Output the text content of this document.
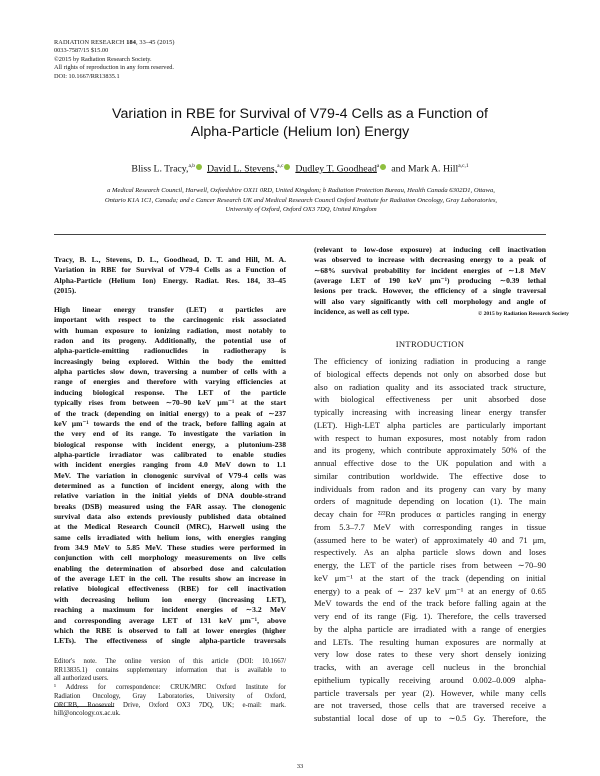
RADIATION RESEARCH 184, 33–45 (2015)
0033-7587/15 $15.00
©2015 by Radiation Research Society.
All rights of reproduction in any form reserved.
DOI: 10.1667/RR13835.1
Variation in RBE for Survival of V79-4 Cells as a Function of
Alpha-Particle (Helium Ion) Energy
Bliss L. Tracy,$^{a,b}$ David L. Stevens,$^{a,c}$ Dudley T. Goodhead$^a$ and Mark A. Hill$^{a,c,1}$
a Medical Research Council, Harwell, Oxfordshire OX11 0RD, United Kingdom; b Radiation Protection Bureau, Health Canada 6302D1, Ottawa,
Ontario K1A 1C1, Canada; and c Cancer Research UK and Medical Research Council Oxford Institute for Radiation Oncology, Gray Laboratories,
University of Oxford, Oxford OX3 7DQ, United Kingdom
Tracy, B. L., Stevens, D. L., Goodhead, D. T. and Hill, M. A.
Variation in RBE for Survival of V79-4 Cells as a Function of
Alpha-Particle (Helium Ion) Energy. Radiat. Res. 184, 33–45
(2015).
High linear energy transfer (LET) α particles are
important with respect to the carcinogenic risk associated
with human exposure to ionizing radiation, most notably to
radon and its progeny. Additionally, the potential use of
alpha-particle-emitting radionuclides in radiotherapy is
increasingly being explored. Within the body the emitted
alpha particles slow down, traversing a number of cells with a
range of energies and therefore with varying efficiencies at
inducing biological response. The LET of the particle
typically rises from between ∼70–90 keV μm⁻¹ at the start
of the track (depending on initial energy) to a peak of ∼237
keV μm⁻¹ towards the end of the track, before falling again at
the very end of its range. To investigate the variation in
biological response with incident energy, a plutonium-238
alpha-particle irradiator was calibrated to enable studies
with incident energies ranging from 4.0 MeV down to 1.1
MeV. The variation in clonogenic survival of V79-4 cells was
determined as a function of incident energy, along with the
relative variation in the initial yields of DNA double-strand
breaks (DSB) measured using the FAR assay. The clonogenic
survival data also extends previously published data obtained
at the Medical Research Council (MRC), Harwell using the
same cells irradiated with helium ions, with energies ranging
from 34.9 MeV to 5.85 MeV. These studies were performed in
conjunction with cell morphology measurements on live cells
enabling the determination of absorbed dose and calculation
of the average LET in the cell. The results show an increase in
relative biological effectiveness (RBE) for cell inactivation
with decreasing helium ion energy (increasing LET),
reaching a maximum for incident energies of ∼3.2 MeV
and corresponding average LET of 131 keV μm⁻¹, above
which the RBE is observed to fall at lower energies (higher
LETs). The effectiveness of single alpha-particle traversals
(relevant to low-dose exposure) at inducing cell inactivation
was observed to increase with decreasing energy to a peak of
∼68% survival probability for incident energies of ∼1.8 MeV
(average LET of 190 keV μm⁻¹) producing ∼0.39 lethal
lesions per track. However, the efficiency of a single traversal
will also vary significantly with cell morphology and angle of
incidence, as well as cell type.	© 2015 by Radiation Research Society
INTRODUCTION
The efficiency of ionizing radiation in producing a range
of biological effects depends not only on absorbed dose but
also on radiation quality and its associated track structure,
with biological effectiveness per unit absorbed dose
typically increasing with increasing linear energy transfer
(LET). High-LET alpha particles are particularly important
with respect to human exposures, most notably from radon
and its progeny, which contribute approximately 50% of the
annual effective dose to the UK population and with a
similar contribution worldwide. The effective dose to
individuals from radon and its progeny can vary by many
orders of magnitude depending on location (1). The main
decay chain for ²²²Rn produces α particles ranging in energy
from 5.3–7.7 MeV with corresponding ranges in tissue
(assumed here to be water) of approximately 40 and 71 μm,
respectively. As an alpha particle slows down and loses
energy, the LET of the particle rises from between ∼70–90
keV μm⁻¹ at the start of the track (depending on initial
energy) to a peak of ∼ 237 keV μm⁻¹ at an energy of 0.65
MeV towards the end of the track before falling again at the
very end of its range (Fig. 1). Therefore, the cells traversed
by the alpha particle are irradiated with a range of energies
and LETs. The resulting human exposures are normally at
very low dose rates to these very short densely ionizing
tracks, with an average cell nucleus in the bronchial
epithelium typically receiving around 0.002–0.009 alpha-
particle traversals per year (2). However, while many cells
are not traversed, those cells that are traversed receive a
substantial local dose of up to ∼0.5 Gy. Therefore, the
Editor's note. The online version of this article (DOI: 10.1667/
RR13835.1) contains supplementary information that is available to
all authorized users.
¹ Address for correspondence: CRUK/MRC Oxford Institute for
Radiation Oncology, Gray Laboratories, University of Oxford,
ORCRB, Roosevelt Drive, Oxford OX3 7DQ, UK; e-mail: mark.
hill@oncology.ox.ac.uk.
33
